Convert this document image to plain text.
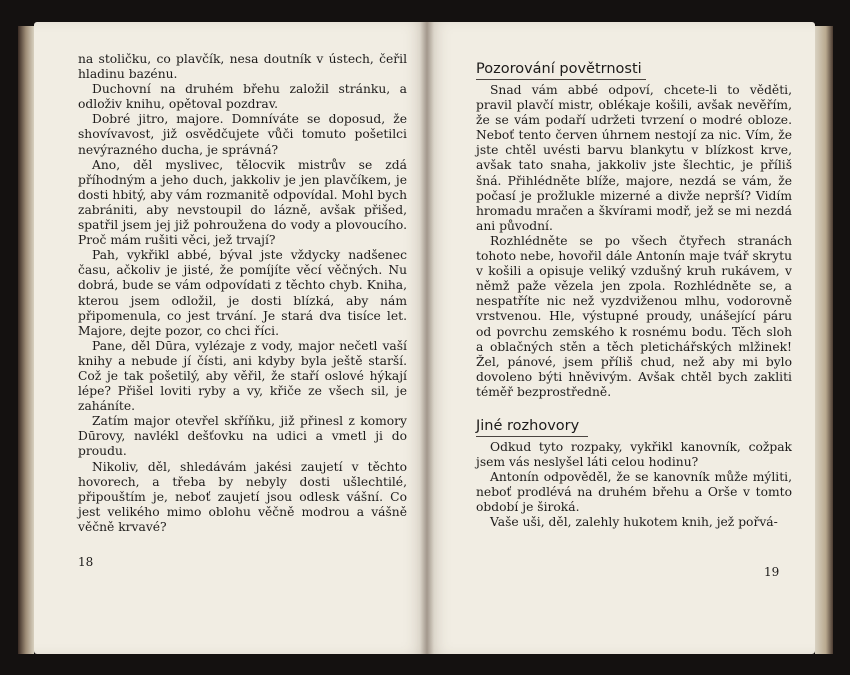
na stoličku, co plavčík, nesa doutník v ústech, čeřil hladinu bazénu.

Duchovní na druhém břehu založil stránku, a odloživ knihu, opětoval pozdrav.

Dobré jitro, majore. Domníváte se doposud, že shovívavost, již osvědčujete vůči tomuto pošetilci nevýrazného ducha, je správná?

Ano, děl myslivec, tělocvik mistrův se zdá příhodným a jeho duch, jakkoliv je jen plavčíkem, je dosti hbitý, aby vám rozmanitě odpovídal. Mohl bych zabrániti, aby nevstoupil do lázně, avšak přišed, spatřil jsem jej již pohroužena do vody a plovoucího. Proč mám rušiti věci, jež trvají?

Pah, vykřikl abbé, býval jste vždycky nadšenec času, ačkoliv je jisté, že pomíjíte věcí věčných. Nu dobrá, bude se vám odpovídati z těchto chyb. Kniha, kterou jsem odložil, je dosti blízká, aby nám připomenula, co jest trvání. Je stará dva tisíce let. Majore, dejte pozor, co chci říci.

Pane, děl Dūra, vylézaje z vody, major nečetl vaší knihy a nebude jí čísti, ani kdyby byla ještě starší. Což je tak pošetilý, aby věřil, že staří oslové hýkají lépe? Přišel loviti ryby a vy, křiče ze všech sil, je zaháníte.

Zatím major otevřel skříňku, již přinesl z komory Dūrovy, navlékl dešťovku na udici a vmetl ji do proudu.

Nikoliv, děl, shledávám jakési zaujetí v těchto hovorech, a třeba by nebyly dosti ušlechtilé, připouštím je, neboť zaujetí jsou odlesk vášní. Co jest velikého mimo oblohu věčně modrou a vášně věčně krvavé?

18
Pozorování povětrnosti

Snad vám abbé odpoví, chcete-li to věděti, pravil plavčí mistr, oblékaje košili, avšak nevěřím, že se vám podaří udržeti tvrzení o modré obloze. Neboť tento červen úhrnem nestojí za nic. Vím, že jste chtěl uvésti barvu blankytu v blízkost krve, avšak tato snaha, jakkoliv jste šlechtic, je příliš šná. Přihlédněte blíže, majore, nezdá se vám, že počasí je prožlukle mizerné a divže neprší? Vidím hromadu mračen a škvírami modř, jež se mi nezdá ani původní.

Rozhlédněte se po všech čtyřech stranách tohoto nebe, hovořil dále Antonín maje tvář skrytu v košili a opisuje veliký vzdušný kruh rukávem, v němž paže vězela jen zpola. Rozhlédněte se, a nespatříte nic než vyzdviženou mlhu, vodorovně vrstvenou. Hle, výstupné proudy, unášející páru od povrchu zemského k rosnému bodu. Těch sloh a oblačných stěn a těch pletichářských mlžinek! Žel, pánové, jsem příliš chud, než aby mi bylo dovoleno býti hněvivým. Avšak chtěl bych zakliti téměř bezprostředně.

Jiné rozhovory

Odkud tyto rozpaky, vykřikl kanovník, cožpak jsem vás neslyšel láti celou hodinu?

Antonín odpověděl, že se kanovník může mýliti, neboť prodlévá na druhém břehu a Orše v tomto období je široká.

Vaše uši, děl, zalehly hukotem knih, jež pořvá-

19
